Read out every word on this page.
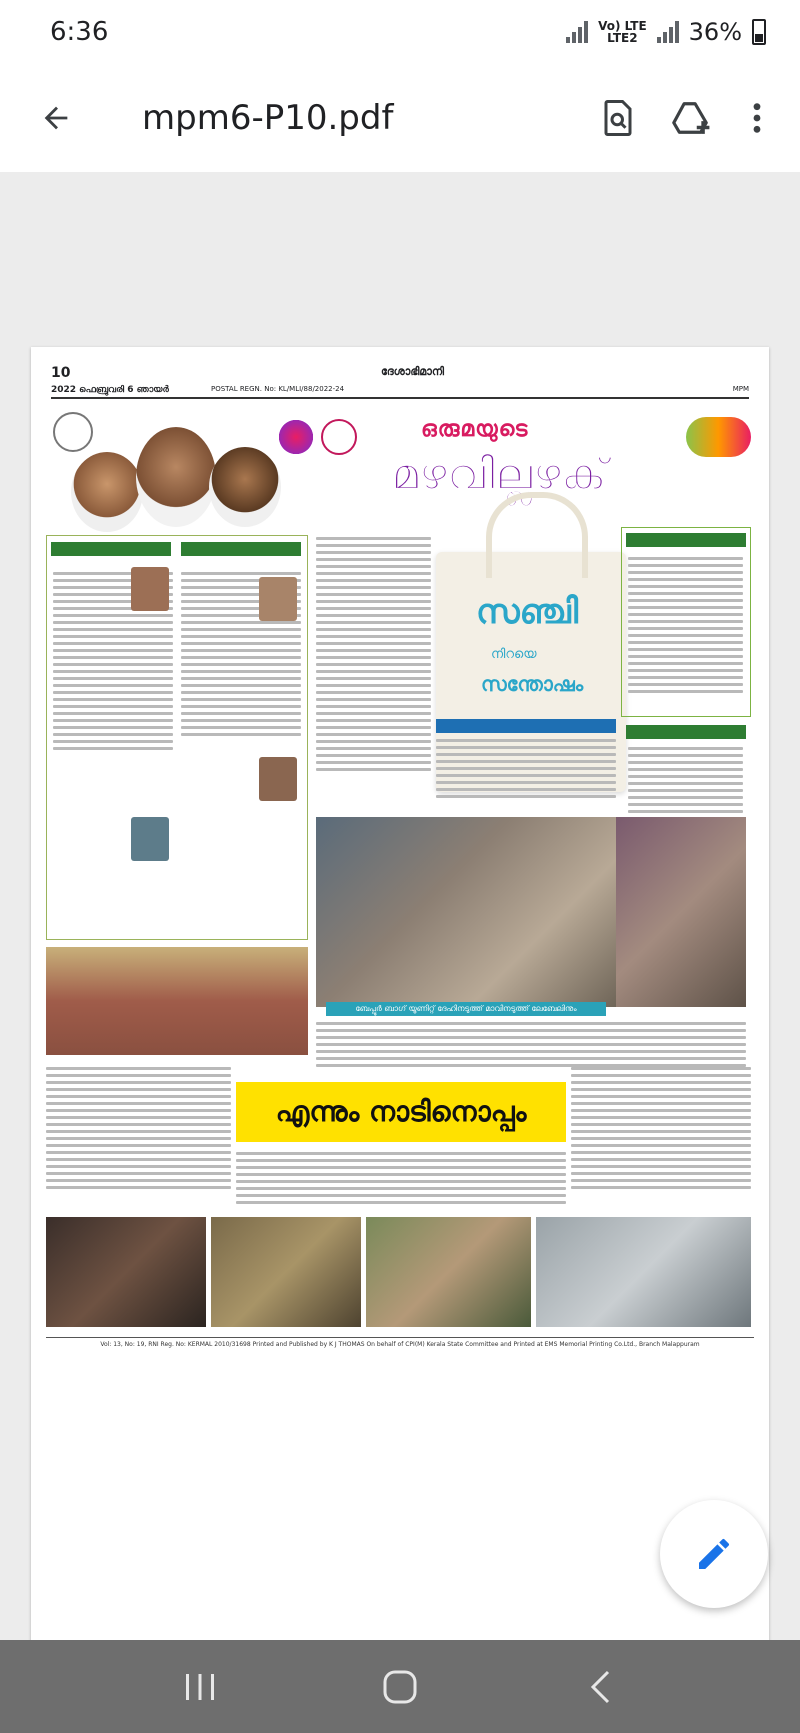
6:36	Vo) LTE
LTE2	36%
mpm6-P10.pdf
10
2022 ഫെബ്രുവരി 6 ഞായർ	POSTAL REGN. No: KL/MLI/88/2022-24
ദേശാഭിമാനി
MPM
ഒരുമയുടെ
മഴവില്ലഴക്
സഞ്ചി
നിറയെ
സന്തോഷം
ബേപ്പൂർ ബാഗ് യൂണിറ്റ് ദേഹിനടുത്ത് മാവിനടുത്ത് ലേബേലിനും
എന്നും നാടിനൊപ്പം
Vol: 13, No: 19, RNI Reg. No: KERMAL 2010/31698 Printed and Published by K J THOMAS On behalf of CPI(M) Kerala State Committee and Printed at EMS Memorial Printing Co.Ltd., Branch Malappuram
